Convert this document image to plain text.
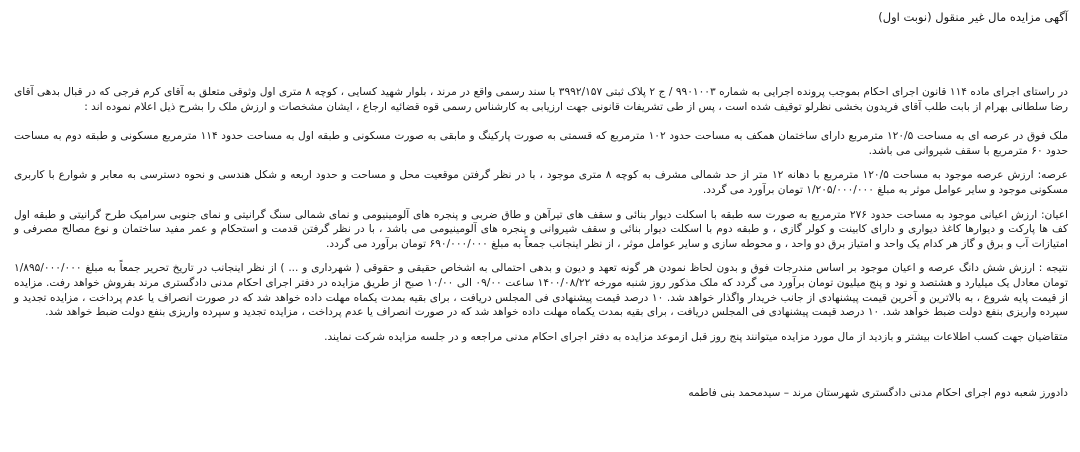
آگهی مزایده مال غیر منقول (نوبت اول)

در راستای اجرای ماده ۱۱۴ قانون اجرای احکام بموجب پرونده اجرایی به شماره ۹۹۰۱۰۰۳ / ج ۲ پلاک ثبتی ۳۹۹۲/۱۵۷ با سند رسمی واقع در مرند ، بلوار شهید کسایی ، کوچه ۸ متری اول وثوقی متعلق به آقای کرم فرجی که در قبال بدهی آقای رضا سلطانی بهرام از بابت طلب آقای فریدون بخشی نظرلو توقیف شده است ، پس از طی تشریفات قانونی جهت ارزیابی به کارشناس رسمی قوه قضائیه ارجاع ، ایشان مشخصات و ارزش ملک را بشرح ذیل اعلام نموده اند :

ملک فوق در عرصه ای به مساحت ۱۲۰/۵ مترمربع دارای ساختمان همکف به مساحت حدود ۱۰۲ مترمربع که قسمتی به صورت پارکینگ و مابقی به صورت مسکونی و طبقه اول به مساحت حدود ۱۱۴ مترمربع مسکونی و طبقه دوم به مساحت حدود ۶۰ مترمربع با سقف شیروانی می باشد.

عرصه: ارزش عرصه موجود به مساحت ۱۲۰/۵ مترمربع با دهانه ۱۲ متر از حد شمالی مشرف به کوچه ۸ متری موجود ، با در نظر گرفتن موقعیت محل و مساحت و حدود اربعه و شکل هندسی و نحوه دسترسی به معابر و شوارع با کاربری مسکونی موجود و سایر عوامل موثر به مبلغ ۱/۲۰۵/۰۰۰/۰۰۰ تومان برآورد می گردد.

اعیان: ارزش اعیانی موجود به مساحت حدود ۲۷۶ مترمربع به صورت سه طبقه با اسکلت دیوار بنائی و سقف های تیرآهن و طاق ضربی و پنجره های آلومینیومی و نمای شمالی سنگ گرانیتی و نمای جنوبی سرامیک طرح گرانیتی و طبقه اول کف ها پارکت و دیوارها کاغذ دیواری و دارای کابینت و کولر گازی ، و طبقه دوم با اسکلت دیوار بنائی و سقف شیروانی و پنجره های آلومینیومی می باشد ، با در نظر گرفتن قدمت و استحکام و عمر مفید ساختمان و نوع مصالح مصرفی و امتیازات آب و برق و گاز هر کدام یک واحد و امتیاز برق دو واحد ، و محوطه سازی و سایر عوامل موثر ، از نظر اینجانب جمعاً به مبلغ ۶۹۰/۰۰۰/۰۰۰ تومان برآورد می گردد.

نتیجه : ارزش شش دانگ عرصه و اعیان موجود بر اساس مندرجات فوق و بدون لحاظ نمودن هر گونه تعهد و دیون و بدهی احتمالی به اشخاص حقیقی و حقوقی ( شهرداری و ... ) از نظر اینجانب در تاریخ تحریر جمعاً به مبلغ ۱/۸۹۵/۰۰۰/۰۰۰ تومان معادل یک میلیارد و هشتصد و نود و پنج میلیون تومان برآورد می گردد که ملک مذکور روز شنبه مورخه ۱۴۰۰/۰۸/۲۲ ساعت ۰۹/۰۰ الی ۱۰/۰۰ صبح از طریق مزایده در دفتر اجرای احکام مدنی دادگستری مرند بفروش خواهد رفت. مزایده از قیمت پایه شروع ، به بالاترین و آخرین قیمت پیشنهادی از جانب خریدار واگذار خواهد شد. ۱۰ درصد قیمت پیشنهادی فی المجلس دریافت ، برای بقیه بمدت یکماه مهلت داده خواهد شد که در صورت انصراف یا عدم پرداخت ، مزایده تجدید و سپرده واریزی بنفع دولت ضبط خواهد شد. ۱۰ درصد قیمت پیشنهادی فی المجلس دریافت ، برای بقیه بمدت یکماه مهلت داده خواهد شد که در صورت انصراف یا عدم پرداخت ، مزایده تجدید و سپرده واریزی بنفع دولت ضبط خواهد شد.

متقاضیان جهت کسب اطلاعات بیشتر و بازدید از مال مورد مزایده میتوانند پنج روز قبل ازموعد مزایده به دفتر اجرای احکام مدنی مراجعه و در جلسه مزایده شرکت نمایند.

دادورز شعبه دوم اجرای احکام مدنی دادگستری شهرستان مرند – سیدمحمد بنی فاطمه
